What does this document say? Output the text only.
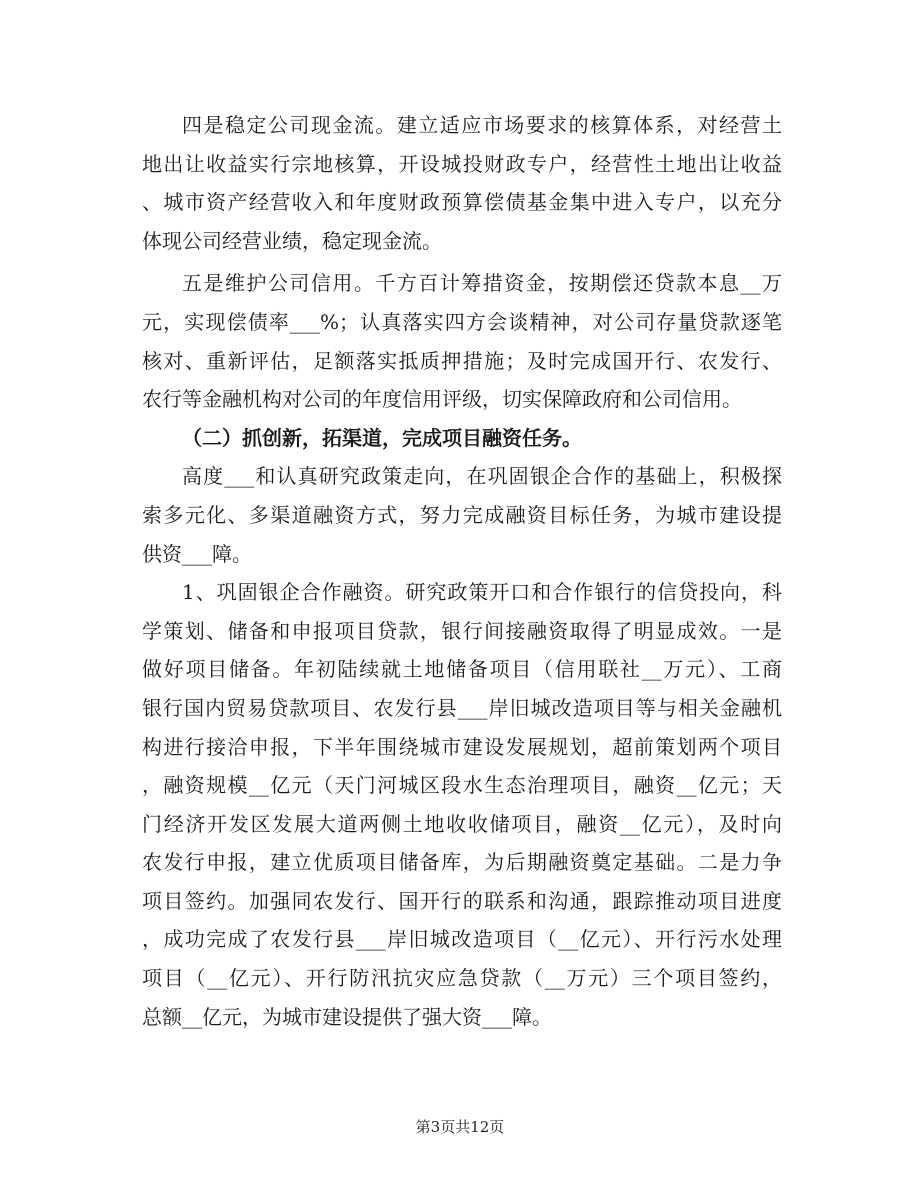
四是稳定公司现金流。建立适应市场要求的核算体系，对经营土
地出让收益实行宗地核算，开设城投财政专户，经营性土地出让收益
、城市资产经营收入和年度财政预算偿债基金集中进入专户，以充分
体现公司经营业绩，稳定现金流。
五是维护公司信用。千方百计筹措资金，按期偿还贷款本息__万
元，实现偿债率___%；认真落实四方会谈精神，对公司存量贷款逐笔
核对、重新评估，足额落实抵质押措施；及时完成国开行、农发行、
农行等金融机构对公司的年度信用评级，切实保障政府和公司信用。
（二）抓创新，拓渠道，完成项目融资任务。
高度___和认真研究政策走向，在巩固银企合作的基础上，积极探
索多元化、多渠道融资方式，努力完成融资目标任务，为城市建设提
供资___障。
1、巩固银企合作融资。研究政策开口和合作银行的信贷投向，科
学策划、储备和申报项目贷款，银行间接融资取得了明显成效。一是
做好项目储备。年初陆续就土地储备项目（信用联社__万元）、工商
银行国内贸易贷款项目、农发行县___岸旧城改造项目等与相关金融机
构进行接洽申报，下半年围绕城市建设发展规划，超前策划两个项目
，融资规模__亿元（天门河城区段水生态治理项目，融资__亿元；天
门经济开发区发展大道两侧土地收收储项目，融资__亿元），及时向
农发行申报，建立优质项目储备库，为后期融资奠定基础。二是力争
项目签约。加强同农发行、国开行的联系和沟通，跟踪推动项目进度
，成功完成了农发行县___岸旧城改造项目（__亿元）、开行污水处理
项目（__亿元）、开行防汛抗灾应急贷款（__万元）三个项目签约，
总额__亿元，为城市建设提供了强大资___障。
第3页共12页
